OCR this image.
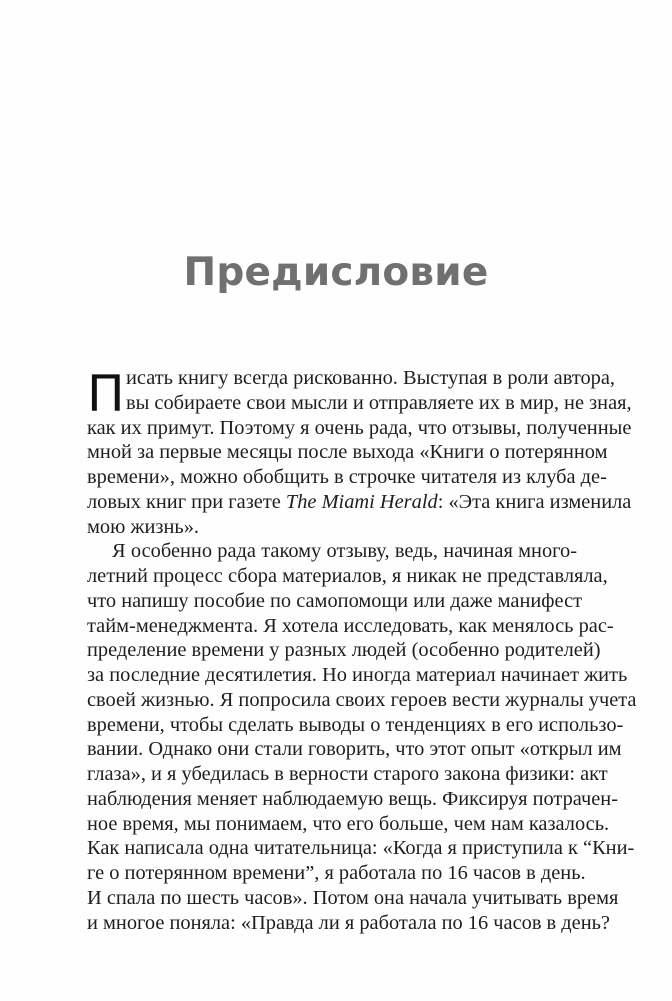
Предисловие
П исать книгу всегда рискованно. Выступая в роли автора,
вы собираете свои мысли и отправляете их в мир, не зная,
как их примут. Поэтому я очень рада, что отзывы, полученные
мной за первые месяцы после выхода «Книги о потерянном
времени», можно обобщить в строчке читателя из клуба де-
ловых книг при газете The Miami Herald: «Эта книга изменила
мою жизнь».
Я особенно рада такому отзыву, ведь, начиная много-
летний процесс сбора материалов, я никак не представляла,
что напишу пособие по самопомощи или даже манифест
тайм-менеджмента. Я хотела исследовать, как менялось рас-
пределение времени у разных людей (особенно родителей)
за последние десятилетия. Но иногда материал начинает жить
своей жизнью. Я попросила своих героев вести журналы учета
времени, чтобы сделать выводы о тенденциях в его использо-
вании. Однако они стали говорить, что этот опыт «открыл им
глаза», и я убедилась в верности старого закона физики: акт
наблюдения меняет наблюдаемую вещь. Фиксируя потрачен-
ное время, мы понимаем, что его больше, чем нам казалось.
Как написала одна читательница: «Когда я приступила к “Кни-
ге о потерянном времени”, я работала по 16 часов в день.
И спала по шесть часов». Потом она начала учитывать время
и многое поняла: «Правда ли я работала по 16 часов в день?
